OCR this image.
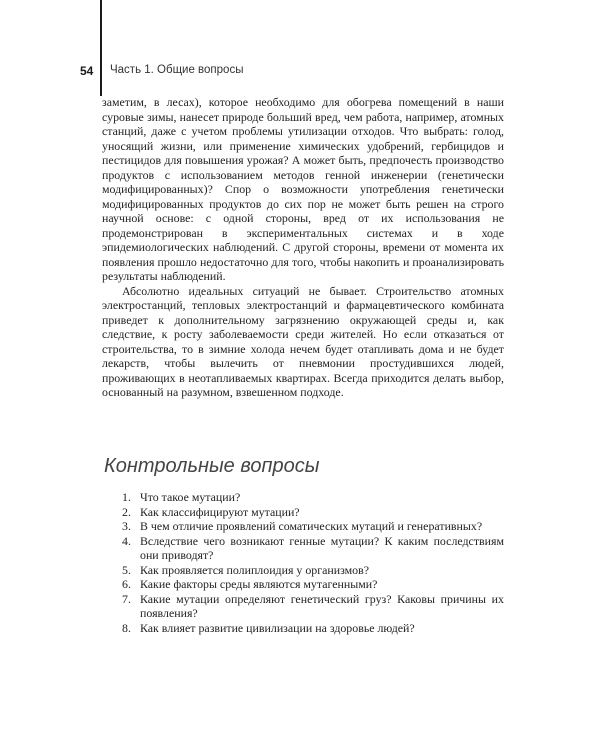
54 Часть 1. Общие вопросы

заметим, в лесах), которое необходимо для обогрева помещений в наши суровые зимы, нанесет природе больший вред, чем работа, например, атомных станций, даже с учетом проблемы утилизации отходов. Что выбрать: голод, уносящий жизни, или применение химических удобрений, гербицидов и пестицидов для повышения урожая? А может быть, предпочесть производство продуктов с использованием методов генной инженерии (генетически модифицированных)? Спор о возможности употребления генетически модифицированных продуктов до сих пор не может быть решен на строго научной основе: с одной стороны, вред от их использования не продемонстрирован в экспериментальных системах и в ходе эпидемиологических наблюдений. С другой стороны, времени от момента их появления прошло недостаточно для того, чтобы накопить и проанализировать результаты наблюдений.

Абсолютно идеальных ситуаций не бывает. Строительство атомных электростанций, тепловых электростанций и фармацевтического комбината приведет к дополнительному загрязнению окружающей среды и, как следствие, к росту заболеваемости среди жителей. Но если отказаться от строительства, то в зимние холода нечем будет отапливать дома и не будет лекарств, чтобы вылечить от пневмонии простудившихся людей, проживающих в неотапливаемых квартирах. Всегда приходится делать выбор, основанный на разумном, взвешенном подходе.

Контрольные вопросы
1. Что такое мутации?
2. Как классифицируют мутации?
3. В чем отличие проявлений соматических мутаций и генеративных?
4. Вследствие чего возникают генные мутации? К каким последствиям они приводят?
5. Как проявляется полиплоидия у организмов?
6. Какие факторы среды являются мутагенными?
7. Какие мутации определяют генетический груз? Каковы причины их появления?
8. Как влияет развитие цивилизации на здоровье людей?
